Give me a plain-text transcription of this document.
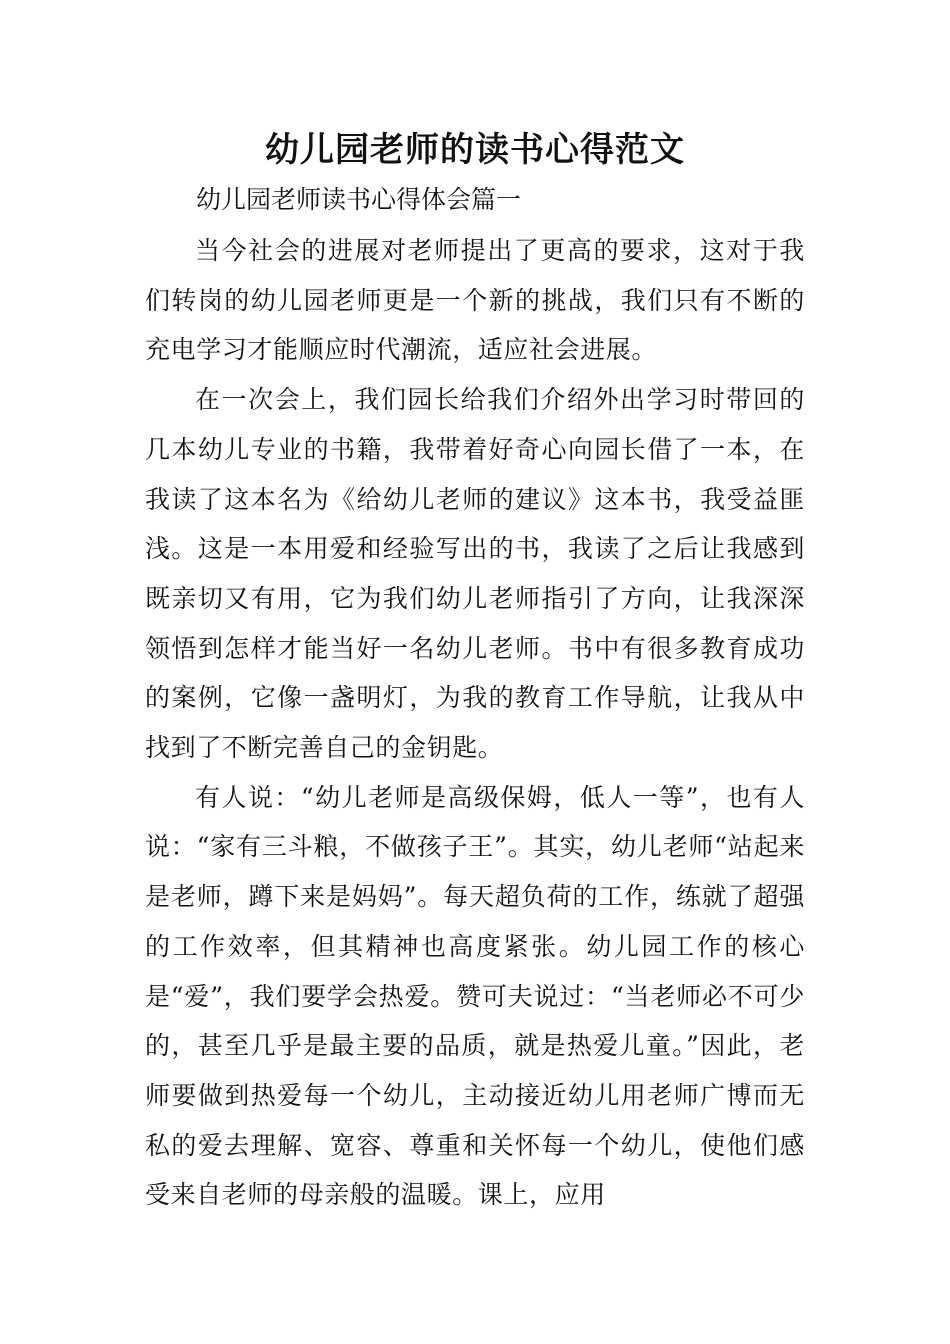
幼儿园老师的读书心得范文
幼儿园老师读书心得体会篇一

当今社会的进展对老师提出了更高的要求，这对于我们转岗的幼儿园老师更是一个新的挑战，我们只有不断的充电学习才能顺应时代潮流，适应社会进展。

在一次会上，我们园长给我们介绍外出学习时带回的几本幼儿专业的书籍，我带着好奇心向园长借了一本，在我读了这本名为《给幼儿老师的建议》这本书，我受益匪浅。这是一本用爱和经验写出的书，我读了之后让我感到既亲切又有用，它为我们幼儿老师指引了方向，让我深深领悟到怎样才能当好一名幼儿老师。书中有很多教育成功的案例，它像一盏明灯，为我的教育工作导航，让我从中找到了不断完善自己的金钥匙。

有人说：“幼儿老师是高级保姆，低人一等”，也有人说：“家有三斗粮，不做孩子王”。其实，幼儿老师“站起来是老师，蹲下来是妈妈”。每天超负荷的工作，练就了超强的工作效率，但其精神也高度紧张。幼儿园工作的核心是“爱”，我们要学会热爱。赞可夫说过：“当老师必不可少的，甚至几乎是最主要的品质，就是热爱儿童。”因此，老师要做到热爱每一个幼儿，主动接近幼儿用老师广博而无私的爱去理解、宽容、尊重和关怀每一个幼儿，使他们感受来自老师的母亲般的温暖。课上，应用
